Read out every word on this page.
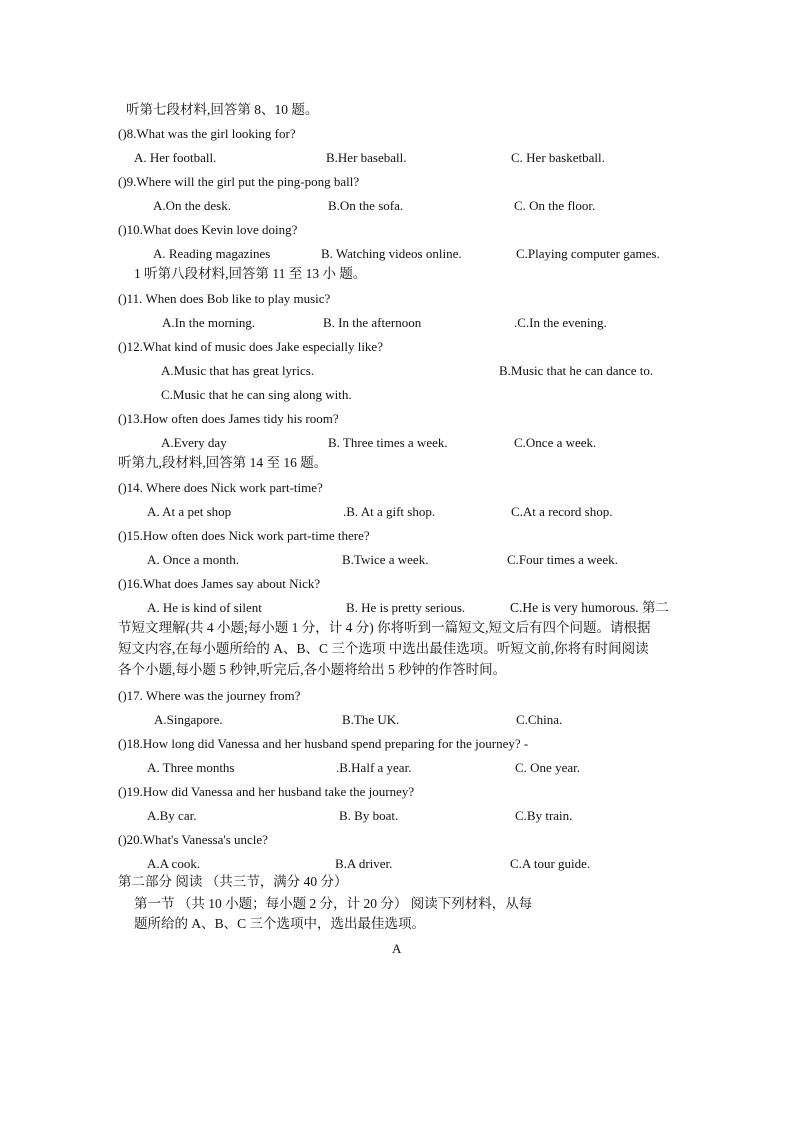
听第七段材料,回答第 8、10 题。
()8.What was the girl looking for?
A. Her football.	B.Her baseball.	C. Her basketball.
()9.Where will the girl put the ping-pong ball?
A.On the desk.	B.On the sofa.	C. On the floor.
()10.What does Kevin love doing?
A. Reading magazines	B. Watching videos online.	C.Playing computer games.
1 听第八段材料,回答第 11 至 13 小 题。
()11. When does Bob like to play music?
A.In the morning.	B. In the afternoon	.C.In the evening.
()12.What kind of music does Jake especially like?
A.Music that has great lyrics.	B.Music that he can dance to.
C.Music that he can sing along with.
()13.How often does James tidy his room?
A.Every day	B. Three times a week.	C.Once a week.
听第九,段材料,回答第 14 至 16 题。
()14. Where does Nick work part-time?
A. At a pet shop	.B. At a gift shop.	C.At a record shop.
()15.How often does Nick work part-time there?
A. Once a month.	B.Twice a week.	C.Four times a week.
()16.What does James say about Nick?
A. He is kind of silent	B. He is pretty serious.	C.He is very humorous. 第二
节短文理解(共 4 小题;每小题 1 分，计 4 分) 你将听到一篇短文,短文后有四个问题。请根据
短文内容,在每小题所给的 A、B、C 三个选项 中选出最佳选项。听短文前,你将有时间阅读
各个小题,每小题 5 秒钟,听完后,各小题将给出 5 秒钟的作答时间。
()17. Where was the journey from?
A.Singapore.	B.The UK.	C.China.
()18.How long did Vanessa and her husband spend preparing for the journey? -
A. Three months	.B.Half a year.	C. One year.
()19.How did Vanessa and her husband take the journey?
A.By car.	B. By boat.	C.By train.
()20.What's Vanessa's uncle?
A.A cook.	B.A driver.	C.A tour guide.
第二部分 阅读 （共三节，满分 40 分）
第一节 （共 10 小题；每小题 2 分，计 20 分） 阅读下列材料，从每
题所给的 A、B、C 三个选项中，选出最佳选项。
A
